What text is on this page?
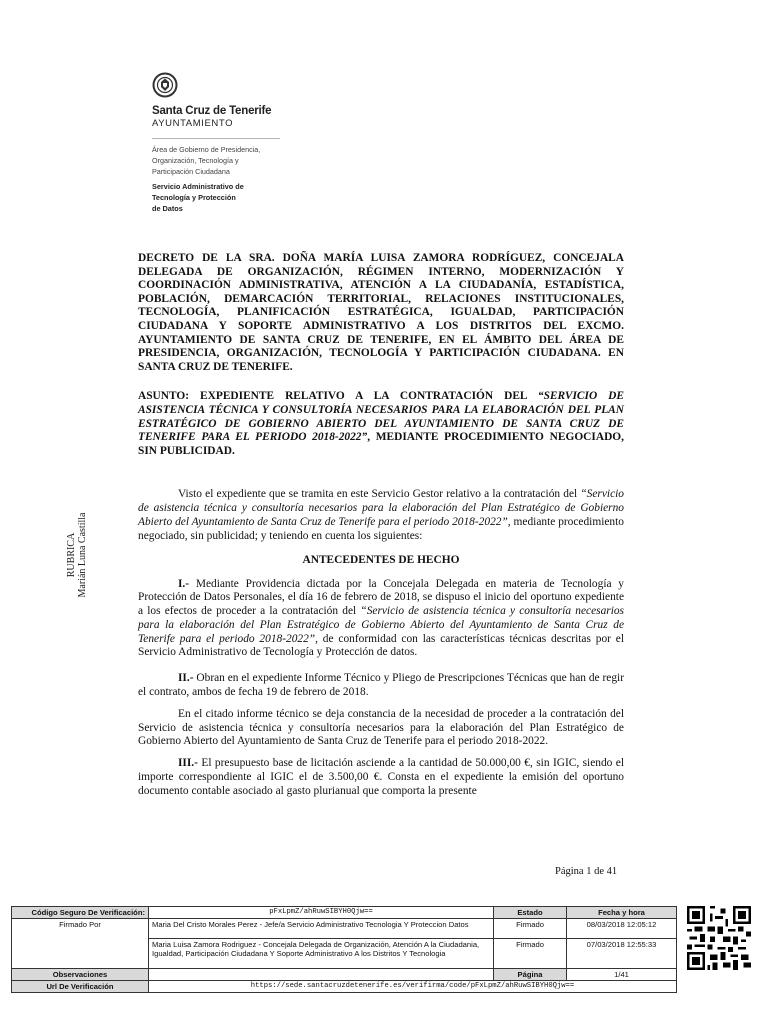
Santa Cruz de Tenerife
AYUNTAMIENTO
Área de Gobierno de Presidencia,
Organización, Tecnología y
Participación Ciudadana
Servicio Administrativo de
Tecnología y Protección
de Datos
RUBRICA Marián Luna Castilla

DECRETO DE LA SRA. DOÑA MARÍA LUISA ZAMORA RODRÍGUEZ, CONCEJALA DELEGADA DE ORGANIZACIÓN, RÉGIMEN INTERNO, MODERNIZACIÓN Y COORDINACIÓN ADMINISTRATIVA, ATENCIÓN A LA CIUDADANÍA, ESTADÍSTICA, POBLACIÓN, DEMARCACIÓN TERRITORIAL, RELACIONES INSTITUCIONALES, TECNOLOGÍA, PLANIFICACIÓN ESTRATÉGICA, IGUALDAD, PARTICIPACIÓN CIUDADANA Y SOPORTE ADMINISTRATIVO A LOS DISTRITOS DEL EXCMO. AYUNTAMIENTO DE SANTA CRUZ DE TENERIFE, EN EL ÁMBITO DEL ÁREA DE PRESIDENCIA, ORGANIZACIÓN, TECNOLOGÍA Y PARTICIPACIÓN CIUDADANA. EN SANTA CRUZ DE TENERIFE.

ASUNTO: EXPEDIENTE RELATIVO A LA CONTRATACIÓN DEL “SERVICIO DE ASISTENCIA TÉCNICA Y CONSULTORÍA NECESARIOS PARA LA ELABORACIÓN DEL PLAN ESTRATÉGICO DE GOBIERNO ABIERTO DEL AYUNTAMIENTO DE SANTA CRUZ DE TENERIFE PARA EL PERIODO 2018-2022”, MEDIANTE PROCEDIMIENTO NEGOCIADO, SIN PUBLICIDAD.

Visto el expediente que se tramita en este Servicio Gestor relativo a la contratación del “Servicio de asistencia técnica y consultoría necesarios para la elaboración del Plan Estratégico de Gobierno Abierto del Ayuntamiento de Santa Cruz de Tenerife para el periodo 2018-2022”, mediante procedimiento negociado, sin publicidad; y teniendo en cuenta los siguientes:

ANTECEDENTES DE HECHO

I.- Mediante Providencia dictada por la Concejala Delegada en materia de Tecnología y Protección de Datos Personales, el día 16 de febrero de 2018, se dispuso el inicio del oportuno expediente a los efectos de proceder a la contratación del “Servicio de asistencia técnica y consultoría necesarios para la elaboración del Plan Estratégico de Gobierno Abierto del Ayuntamiento de Santa Cruz de Tenerife para el periodo 2018-2022”, de conformidad con las características técnicas descritas por el Servicio Administrativo de Tecnología y Protección de datos.

II.- Obran en el expediente Informe Técnico y Pliego de Prescripciones Técnicas que han de regir el contrato, ambos de fecha 19 de febrero de 2018.

En el citado informe técnico se deja constancia de la necesidad de proceder a la contratación del Servicio de asistencia técnica y consultoría necesarios para la elaboración del Plan Estratégico de Gobierno Abierto del Ayuntamiento de Santa Cruz de Tenerife para el periodo 2018-2022.

III.- El presupuesto base de licitación asciende a la cantidad de 50.000,00 €, sin IGIC, siendo el importe correspondiente al IGIC el de 3.500,00 €. Consta en el expediente la emisión del oportuno documento contable asociado al gasto plurianual que comporta la presente

Página 1 de 41
Código Seguro De Verificación:	pFxLpmZ/ahRuwSIBYH0Qjw==	Estado	Fecha y hora
Firmado Por	Maria Del Cristo Morales Perez - Jefe/a Servicio Administrativo Tecnologia Y Proteccion Datos	Firmado	08/03/2018 12:05:12
	Maria Luisa Zamora Rodriguez - Concejala Delegada de Organización, Atención A la Ciudadania, Igualdad, Participación Ciudadana Y Soporte Administrativo A los Distritos Y Tecnologia	Firmado	07/03/2018 12:55:33
Observaciones		Página	1/41
Url De Verificación	https://sede.santacruzdetenerife.es/verifirma/code/pFxLpmZ/ahRuwSIBYH0Qjw==		
